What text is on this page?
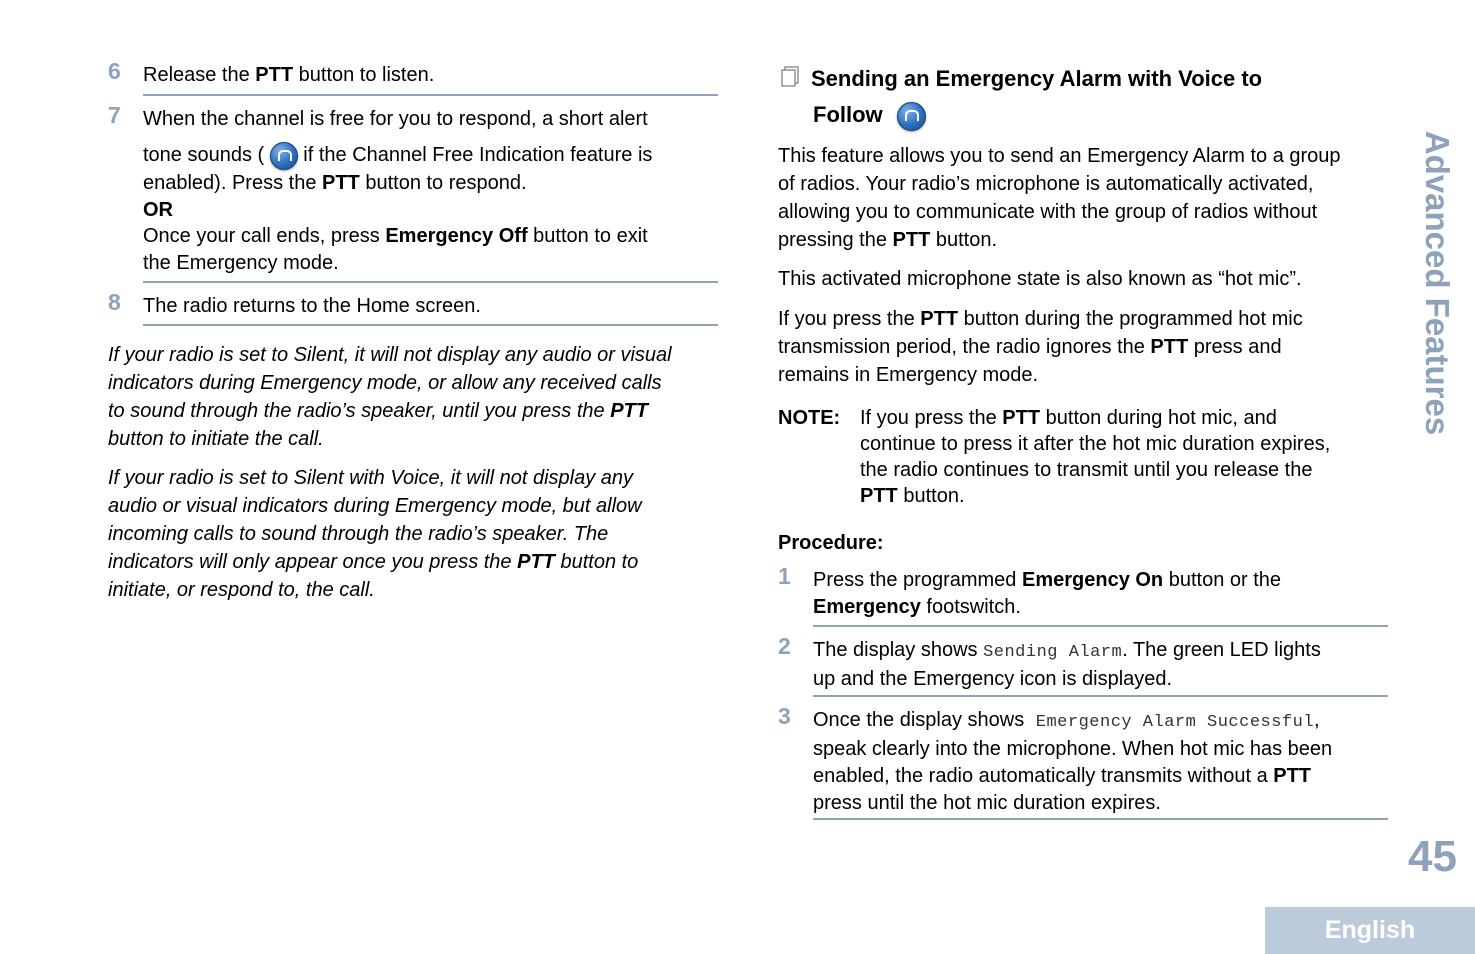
6 Release the PTT button to listen.
7 When the channel is free for you to respond, a short alert
tone sounds (  if the Channel Free Indication feature is
enabled). Press the PTT button to respond.
OR
Once your call ends, press Emergency Off button to exit
the Emergency mode.
8 The radio returns to the Home screen.
If your radio is set to Silent, it will not display any audio or visual
indicators during Emergency mode, or allow any received calls
to sound through the radio’s speaker, until you press the PTT
button to initiate the call.
If your radio is set to Silent with Voice, it will not display any
audio or visual indicators during Emergency mode, but allow
incoming calls to sound through the radio’s speaker. The
indicators will only appear once you press the PTT button to
initiate, or respond to, the call.
Sending an Emergency Alarm with Voice to
Follow
This feature allows you to send an Emergency Alarm to a group
of radios. Your radio’s microphone is automatically activated,
allowing you to communicate with the group of radios without
pressing the PTT button.
This activated microphone state is also known as “hot mic”.
If you press the PTT button during the programmed hot mic
transmission period, the radio ignores the PTT press and
remains in Emergency mode.
NOTE: If you press the PTT button during hot mic, and
continue to press it after the hot mic duration expires,
the radio continues to transmit until you release the
PTT button.
Procedure:
1 Press the programmed Emergency On button or the
Emergency footswitch.
2 The display shows Sending Alarm. The green LED lights
up and the Emergency icon is displayed.
3 Once the display shows Emergency Alarm Successful,
speak clearly into the microphone. When hot mic has been
enabled, the radio automatically transmits without a PTT
press until the hot mic duration expires.
Advanced Features
45
English
